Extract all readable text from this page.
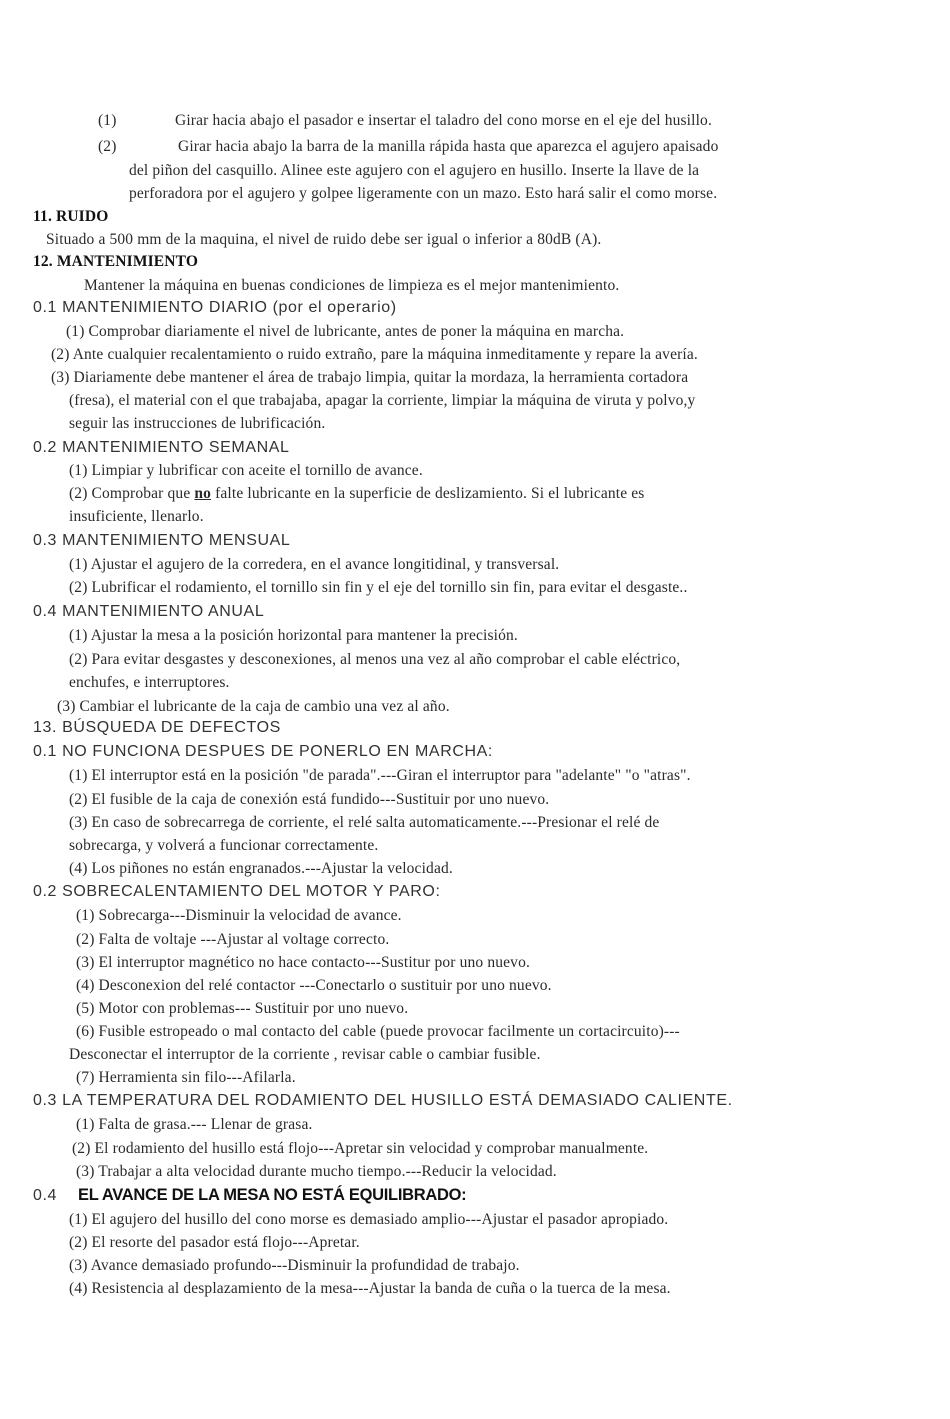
(1)	Girar hacia abajo el pasador e insertar el taladro del cono morse en el eje del husillo.
(2)	Girar hacia abajo la barra de la manilla rápida hasta que aparezca el agujero apaisado
del piñon del casquillo. Alinee este agujero con el agujero en husillo. Inserte la llave de la
perforadora por el agujero y golpee ligeramente con un mazo. Esto hará salir el como morse.
11. RUIDO
Situado a 500 mm de la maquina, el nivel de ruido debe ser igual o inferior a 80dB (A).
12. MANTENIMIENTO
Mantener la máquina en buenas condiciones de limpieza es el mejor mantenimiento.
0.1 MANTENIMIENTO DIARIO (por el operario)
(1) Comprobar diariamente el nivel de lubricante, antes de poner la máquina en marcha.
(2) Ante cualquier recalentamiento o ruido extraño, pare la máquina inmeditamente y repare la avería.
(3) Diariamente debe mantener el área de trabajo limpia, quitar la mordaza, la herramienta cortadora
(fresa), el material con el que trabajaba, apagar la corriente, limpiar la máquina de viruta y polvo,y
seguir las instrucciones de lubrificación.
0.2 MANTENIMIENTO SEMANAL
(1) Limpiar y lubrificar con aceite el tornillo de avance.
(2) Comprobar que no falte lubricante en la superficie de deslizamiento. Si el lubricante es
insuficiente, llenarlo.
0.3 MANTENIMIENTO MENSUAL
(1) Ajustar el agujero de la corredera, en el avance longitidinal, y transversal.
(2) Lubrificar el rodamiento, el tornillo sin fin y el eje del tornillo sin fin, para evitar el desgaste..
0.4 MANTENIMIENTO ANUAL
(1) Ajustar la mesa a la posición horizontal para mantener la precisión.
(2) Para evitar desgastes y desconexiones, al menos una vez al año comprobar el cable eléctrico,
enchufes, e interruptores.
(3) Cambiar el lubricante de la caja de cambio una vez al año.
13. BÚSQUEDA DE DEFECTOS
0.1 NO FUNCIONA DESPUES DE PONERLO EN MARCHA:
(1) El interruptor está en la posición "de parada".---Giran el interruptor para "adelante" "o "atras".
(2) El fusible de la caja de conexión está fundido---Sustituir por uno nuevo.
(3) En caso de sobrecarrega de corriente, el relé salta automaticamente.---Presionar el relé de
sobrecarga, y volverá a funcionar correctamente.
(4) Los piñones no están engranados.---Ajustar la velocidad.
0.2 SOBRECALENTAMIENTO DEL MOTOR Y PARO:
(1) Sobrecarga---Disminuir la velocidad de avance.
(2) Falta de voltaje ---Ajustar al voltage correcto.
(3) El interruptor magnético no hace contacto---Sustitur por uno nuevo.
(4) Desconexion del relé contactor ---Conectarlo o sustituir por uno nuevo.
(5) Motor con problemas--- Sustituir por uno nuevo.
(6) Fusible estropeado o mal contacto del cable (puede provocar facilmente un cortacircuito)---
Desconectar el interruptor de la corriente , revisar cable o cambiar fusible.
(7) Herramienta sin filo---Afilarla.
0.3 LA TEMPERATURA DEL RODAMIENTO DEL HUSILLO ESTÁ DEMASIADO CALIENTE.
(1) Falta de grasa.--- Llenar de grasa.
(2) El rodamiento del husillo está flojo---Apretar sin velocidad y comprobar manualmente.
(3) Trabajar a alta velocidad durante mucho tiempo.---Reducir la velocidad.
0.4 EL AVANCE DE LA MESA NO ESTÁ EQUILIBRADO:
(1) El agujero del husillo del cono morse es demasiado amplio---Ajustar el pasador apropiado.
(2) El resorte del pasador está flojo---Apretar.
(3) Avance demasiado profundo---Disminuir la profundidad de trabajo.
(4) Resistencia al desplazamiento de la mesa---Ajustar la banda de cuña o la tuerca de la mesa.
